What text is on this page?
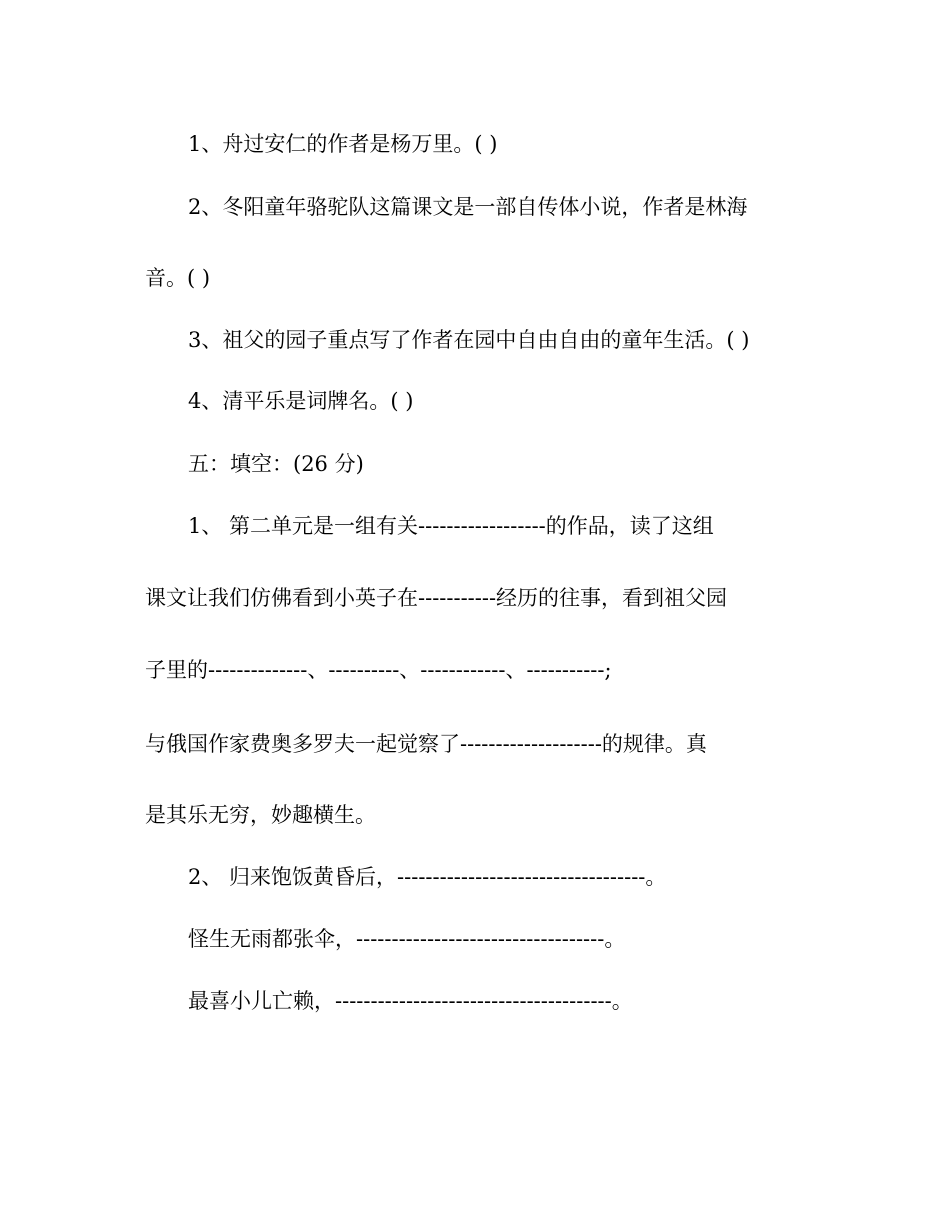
1、舟过安仁的作者是杨万里。( )
2、冬阳童年骆驼队这篇课文是一部自传体小说，作者是林海
音。( )
3、祖父的园子重点写了作者在园中自由自由的童年生活。( )
4、清平乐是词牌名。( )
五：填空：(26 分)
1、 第二单元是一组有关------------------的作品，读了这组
课文让我们仿佛看到小英子在-----------经历的往事，看到祖父园
子里的--------------、----------、------------、-----------;
与俄国作家费奥多罗夫一起觉察了--------------------的规律。真
是其乐无穷，妙趣横生。
2、 归来饱饭黄昏后，-----------------------------------。
怪生无雨都张伞，-----------------------------------。
最喜小儿亡赖，---------------------------------------。
